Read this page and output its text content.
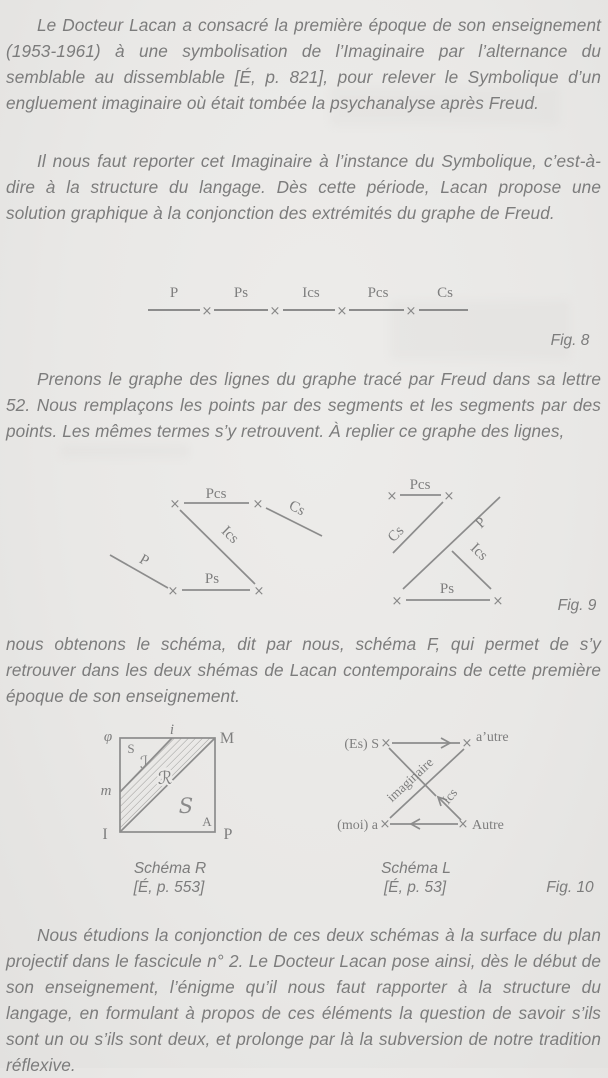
Le Docteur Lacan a consacré la première époque de son enseignement (1953-1961) à une symbolisation de l’Imaginaire par l’alternance du semblable au dissemblable [É, p. 821], pour relever le Symbolique d’un engluement imaginaire où était tombée la psychanalyse après Freud.

Il nous faut reporter cet Imaginaire à l’instance du Symbolique, c’est-à-dire à la structure du langage. Dès cette période, Lacan propose une solution graphique à la conjonction des extrémités du graphe de Freud.

Prenons le graphe des lignes du graphe tracé par Freud dans sa lettre 52. Nous remplaçons les points par des segments et les segments par des points. Les mêmes termes s’y retrouvent. À replier ce graphe des lignes,

nous obtenons le schéma, dit par nous, schéma F, qui permet de s’y retrouver dans les deux shémas de Lacan contemporains de cette première époque de son enseignement.

Nous étudions la conjonction de ces deux schémas à la surface du plan projectif dans le fascicule n° 2. Le Docteur Lacan pose ainsi, dès le début de son enseignement, l’énigme qu’il nous faut rapporter à la structure du langage, en formulant à propos de ces éléments la question de savoir s’ils sont un ou s’ils sont deux, et prolonge par là la subversion de notre tradition réflexive.

P	Ps	Ics	Pcs	Cs
×	×	×	×
Fig. 8
Pcs
×	× Cs
Ics
P
×	×
Ps
Pcs
×	×
Cs	P
Ics
×	×
Ps
Fig. 9
φ	i	M
m
I	P
S
ℐ
ℛ
S
A
Schéma R
[É, p. 553]
(Es) S ×	× a’utre
imaginaire Ics
(moi) a ×	× Autre
Schéma L
[É, p. 53]	Fig. 10
